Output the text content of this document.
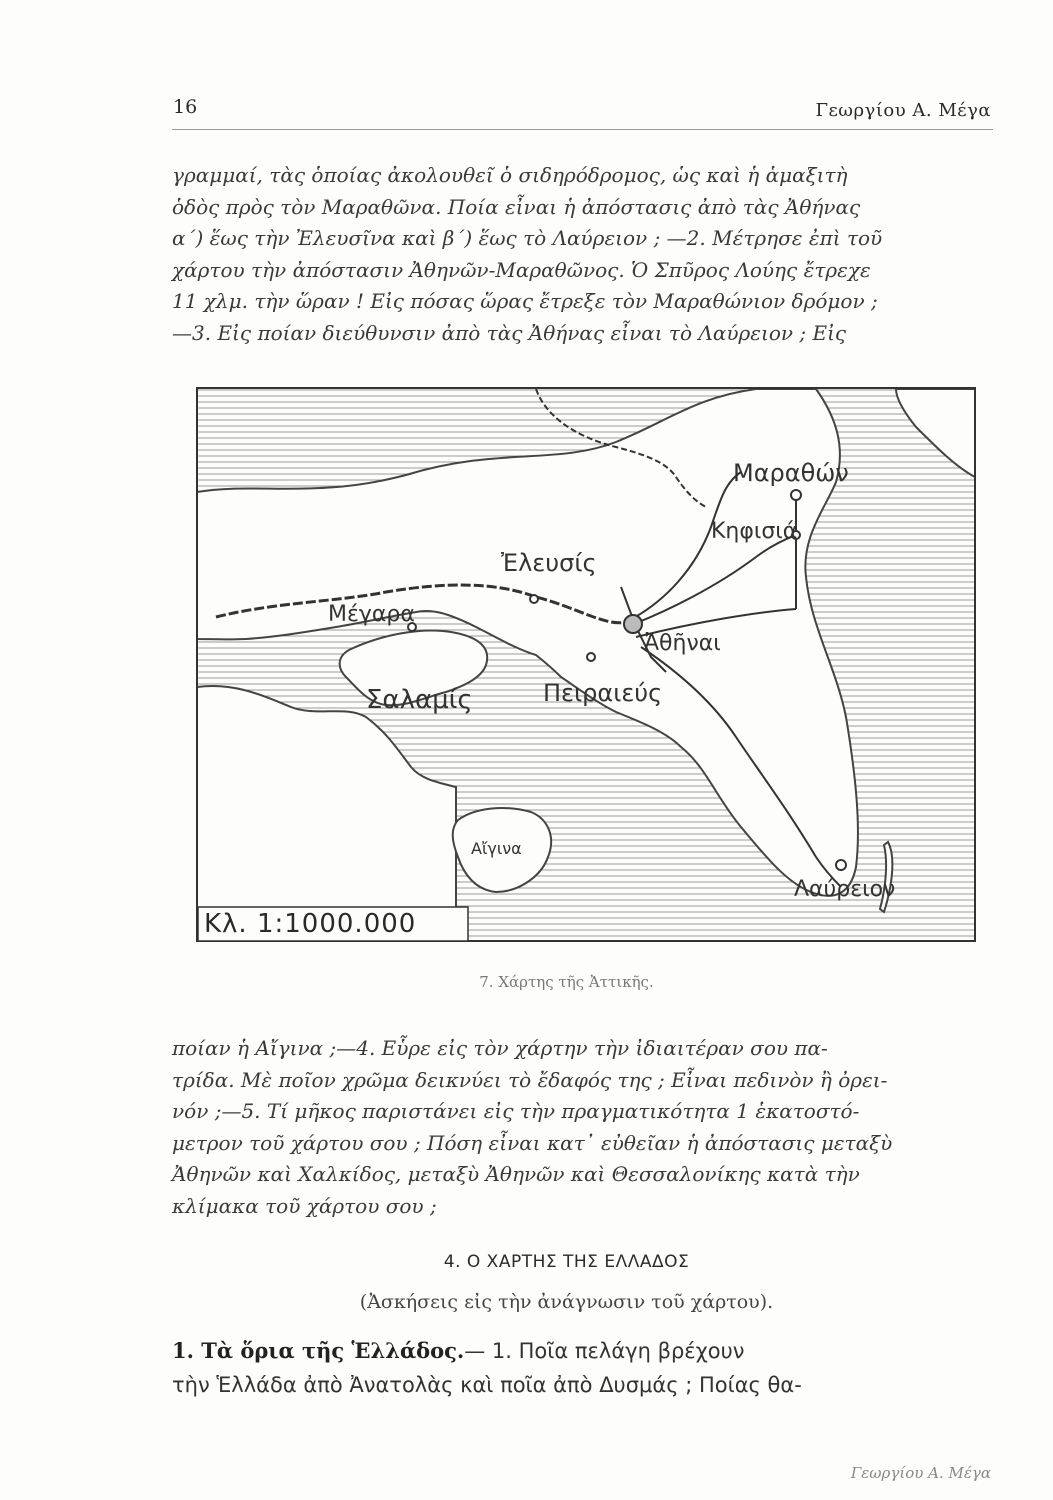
16	Γεωργίου Α. Μέγα
γραμμαί, τὰς ὁποίας ἀκολουθεῖ ὁ σιδηρόδρομος, ὡς καὶ ἡ ἁμαξιτὴ
ὁδὸς πρὸς τὸν Μαραθῶνα. Ποία εἶναι ἡ ἀπόστασις ἀπὸ τὰς Ἀθήνας
α΄) ἕως τὴν Ἐλευσῖνα καὶ β΄) ἕως τὸ Λαύρειον ; —2. Μέτρησε ἐπὶ τοῦ
χάρτου τὴν ἀπόστασιν Ἀθηνῶν-Μαραθῶνος. Ὁ Σπῦρος Λούης ἔτρεχε
11 χλμ. τὴν ὥραν ! Εἰς πόσας ὥρας ἔτρεξε τὸν Μαραθώνιον δρόμον ;
—3. Εἰς ποίαν διεύθυνσιν ἀπὸ τὰς Ἀθήνας εἶναι τὸ Λαύρειον ; Εἰς
Μαραθών
Κηφισιά
Ἐλευσίς
Μέγαρα
Ἀθῆναι
Σαλαμίς	Πειραιεύς
Αἴγινα
Λαύρειον
Κλ. 1:1000.000
7. Χάρτης τῆς Ἀττικῆς.
ποίαν ἡ Αἴγινα ;—4. Εὗρε εἰς τὸν χάρτην τὴν ἰδιαιτέραν σου πα-
τρίδα. Μὲ ποῖον χρῶμα δεικνύει τὸ ἔδαφός της ; Εἶναι πεδινὸν ἢ ὀρει-
νόν ;—5. Τί μῆκος παριστάνει εἰς τὴν πραγματικότητα 1 ἑκατοστό-
μετρον τοῦ χάρτου σου ; Πόση εἶναι κατ᾽ εὐθεῖαν ἡ ἀπόστασις μεταξὺ
Ἀθηνῶν καὶ Χαλκίδος, μεταξὺ Ἀθηνῶν καὶ Θεσσαλονίκης κατὰ τὴν
κλίμακα τοῦ χάρτου σου ;
4. Ο ΧΑΡΤΗΣ ΤΗΣ ΕΛΛΑΔΟΣ
(Ἀσκήσεις εἰς τὴν ἀνάγνωσιν τοῦ χάρτου).
1. Τὰ ὅρια τῆς Ἑλλάδος.— 1. Ποῖα πελάγη βρέχουν
τὴν Ἑλλάδα ἀπὸ Ἀνατολὰς καὶ ποῖα ἀπὸ Δυσμάς ; Ποίας θα-
Γεωργίου Α. Μέγα
